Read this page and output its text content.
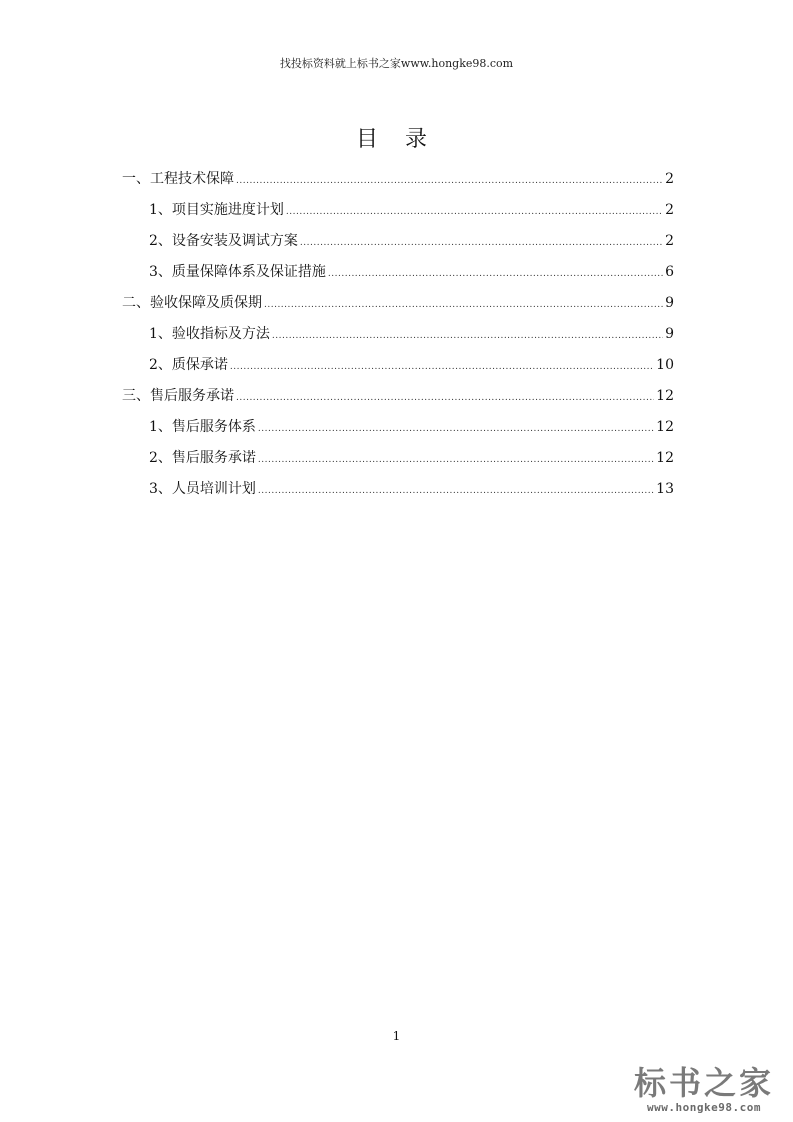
找投标资料就上标书之家www.hongke98.com
目 录
一、工程技术保障 .....	2
1、项目实施进度计划 .....	2
2、设备安装及调试方案 .....	2
3、质量保障体系及保证措施 .....	6
二、验收保障及质保期 .....	9
1、验收指标及方法 .....	9
2、质保承诺 .....	10
三、售后服务承诺 .....	12
1、售后服务体系 .....	12
2、售后服务承诺 .....	12
3、人员培训计划 .....	13
1
标书之家
www.hongke98.com
